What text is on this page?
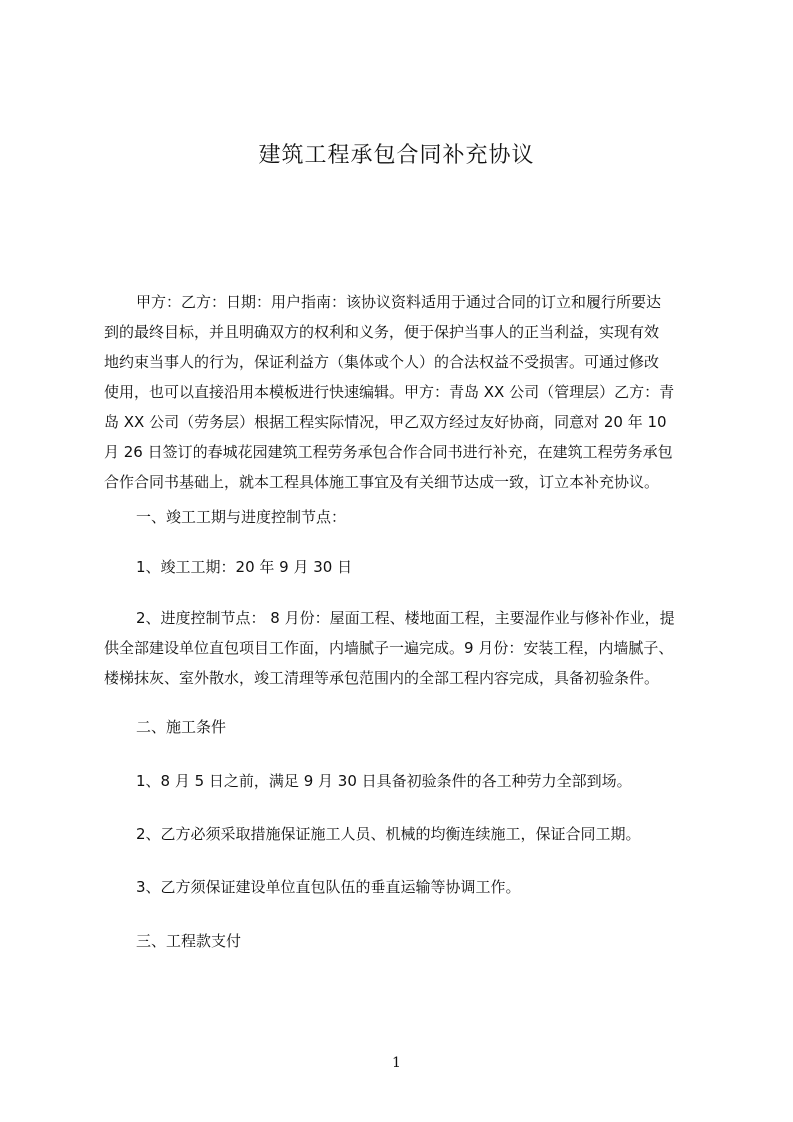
建筑工程承包合同补充协议
甲方：乙方：日期：用户指南：该协议资料适用于通过合同的订立和履行所要达
到的最终目标，并且明确双方的权利和义务，便于保护当事人的正当利益，实现有效
地约束当事人的行为，保证利益方（集体或个人）的合法权益不受损害。可通过修改
使用，也可以直接沿用本模板进行快速编辑。甲方：青岛 XX 公司（管理层）乙方：青
岛 XX 公司（劳务层）根据工程实际情况，甲乙双方经过友好协商，同意对 20 年 10
月 26 日签订的春城花园建筑工程劳务承包合作合同书进行补充，在建筑工程劳务承包
合作合同书基础上，就本工程具体施工事宜及有关细节达成一致，订立本补充协议。
一、竣工工期与进度控制节点：
1、竣工工期：20 年 9 月 30 日
2、进度控制节点： 8 月份：屋面工程、楼地面工程，主要湿作业与修补作业，提
供全部建设单位直包项目工作面，内墙腻子一遍完成。9 月份：安装工程，内墙腻子、
楼梯抹灰、室外散水，竣工清理等承包范围内的全部工程内容完成，具备初验条件。
二、施工条件
1、8 月 5 日之前，满足 9 月 30 日具备初验条件的各工种劳力全部到场。
2、乙方必须采取措施保证施工人员、机械的均衡连续施工，保证合同工期。
3、乙方须保证建设单位直包队伍的垂直运输等协调工作。
三、工程款支付
1
